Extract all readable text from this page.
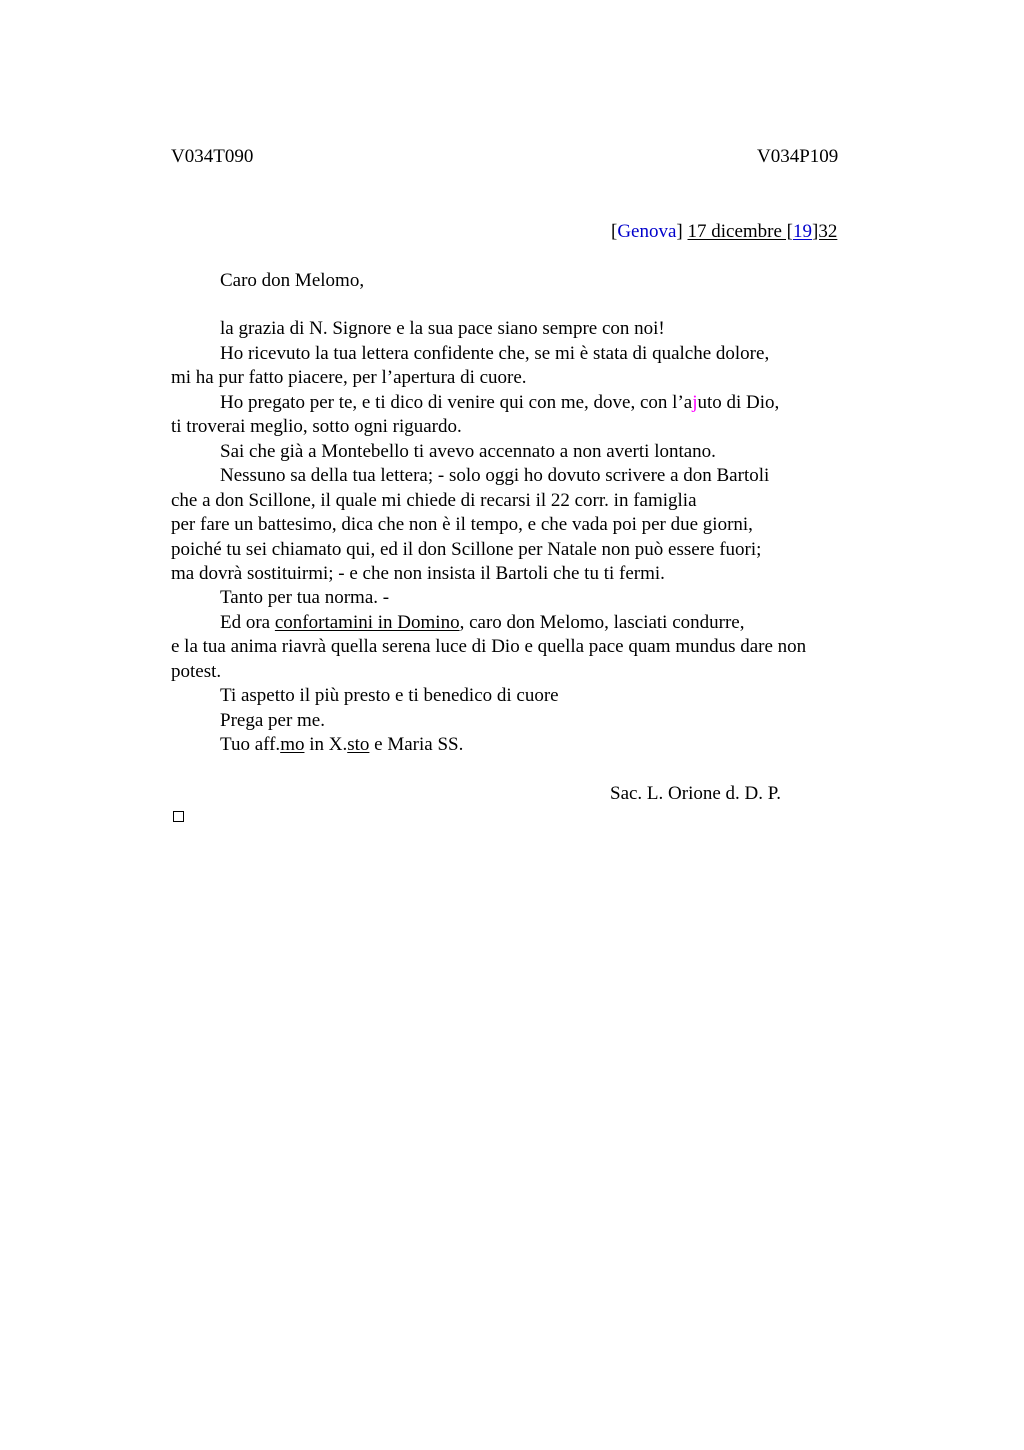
V034T090	V034P109
[Genova] 17 dicembre [19]32
Caro don Melomo,
la grazia di N. Signore e la sua pace siano sempre con noi!
Ho ricevuto la tua lettera confidente che, se mi è stata di qualche dolore,
mi ha pur fatto piacere, per l’apertura di cuore.
Ho pregato per te, e ti dico di venire qui con me, dove, con l’ajuto di Dio,
ti troverai meglio, sotto ogni riguardo.
Sai che già a Montebello ti avevo accennato a non averti lontano.
Nessuno sa della tua lettera; - solo oggi ho dovuto scrivere a don Bartoli
che a don Scillone, il quale mi chiede di recarsi il 22 corr. in famiglia
per fare un battesimo, dica che non è il tempo, e che vada poi per due giorni,
poiché tu sei chiamato qui, ed il don Scillone per Natale non può essere fuori;
ma dovrà sostituirmi; - e che non insista il Bartoli che tu ti fermi.
Tanto per tua norma. -
Ed ora confortamini in Domino, caro don Melomo, lasciati condurre,
e la tua anima riavrà quella serena luce di Dio e quella pace quam mundus dare non
potest.
Ti aspetto il più presto e ti benedico di cuore
Prega per me.
Tuo aff.mo in X.sto e Maria SS.
Sac. L. Orione d. D. P.
